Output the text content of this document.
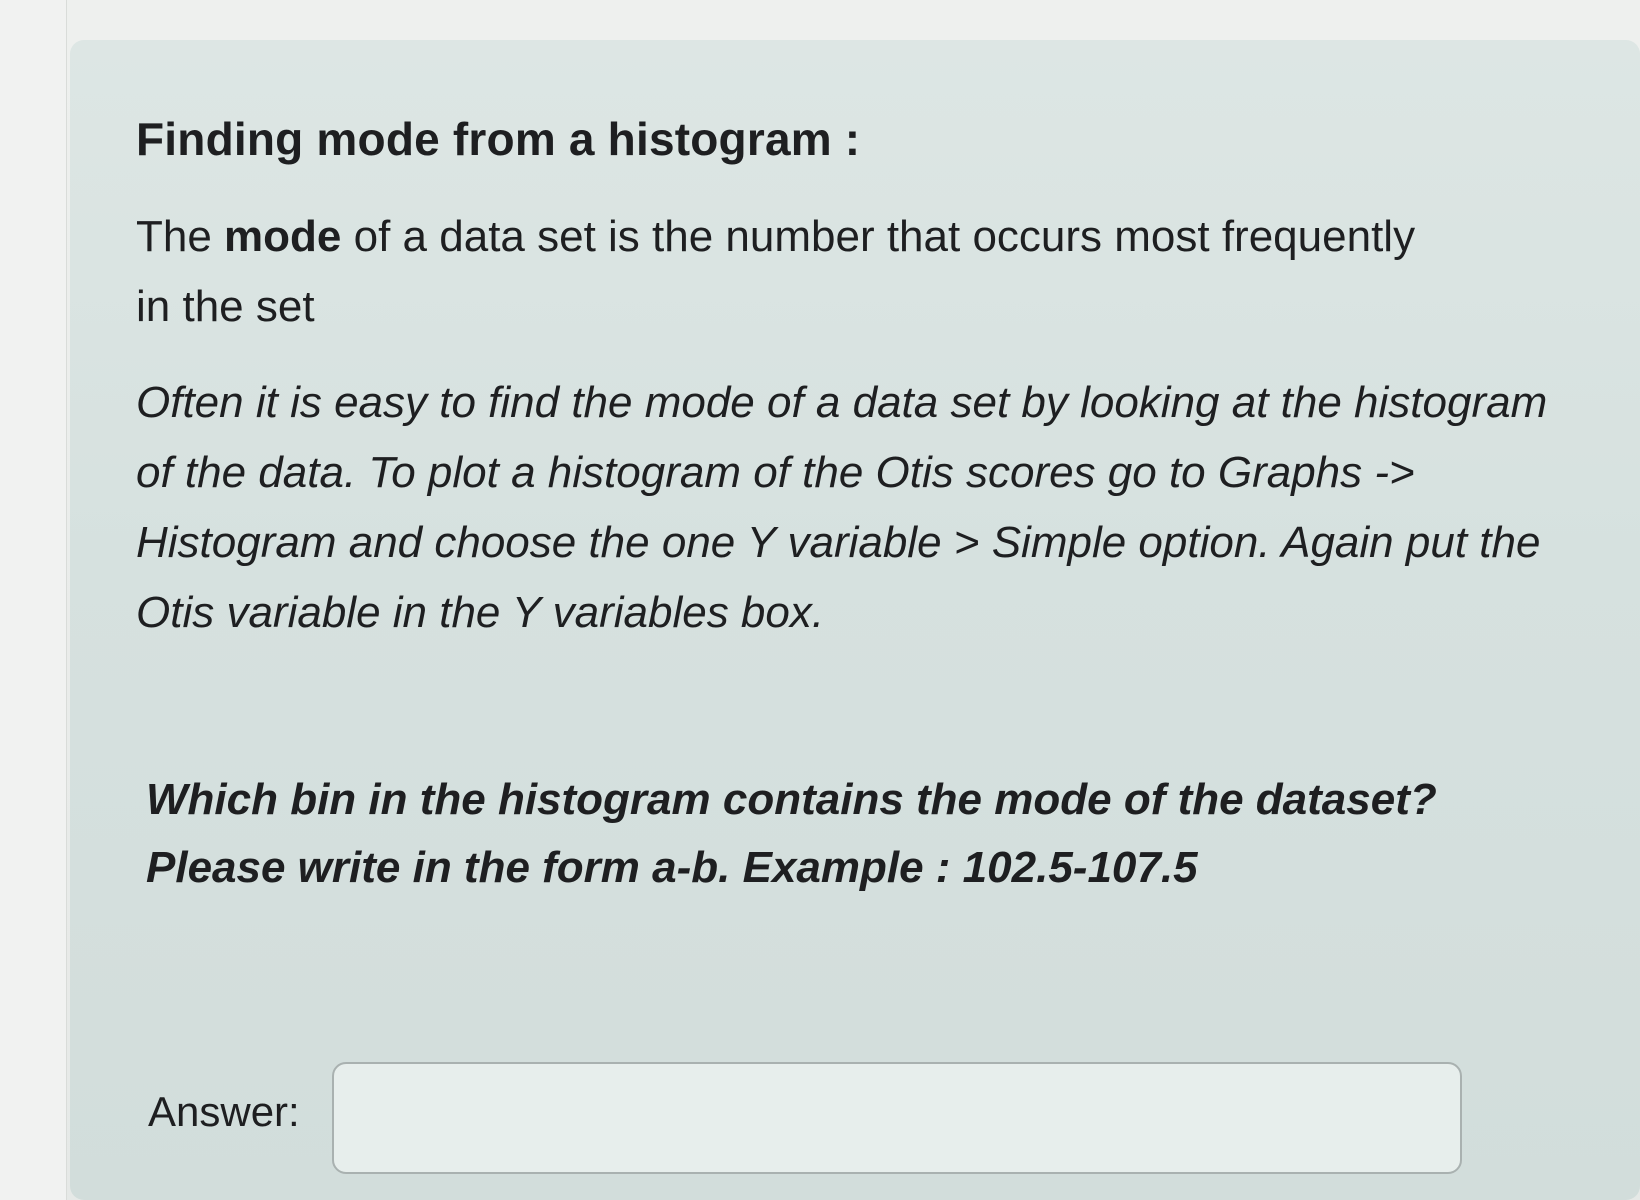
Finding mode from a histogram :

The mode of a data set is the number that occurs most frequently in the set

Often it is easy to find the mode of a data set by looking at the histogram of the data. To plot a histogram of the Otis scores go to Graphs -> Histogram and choose the one Y variable > Simple option. Again put the Otis variable in the Y variables box.

Which bin in the histogram contains the mode of the dataset? Please write in the form a-b. Example : 102.5-107.5

Answer:
